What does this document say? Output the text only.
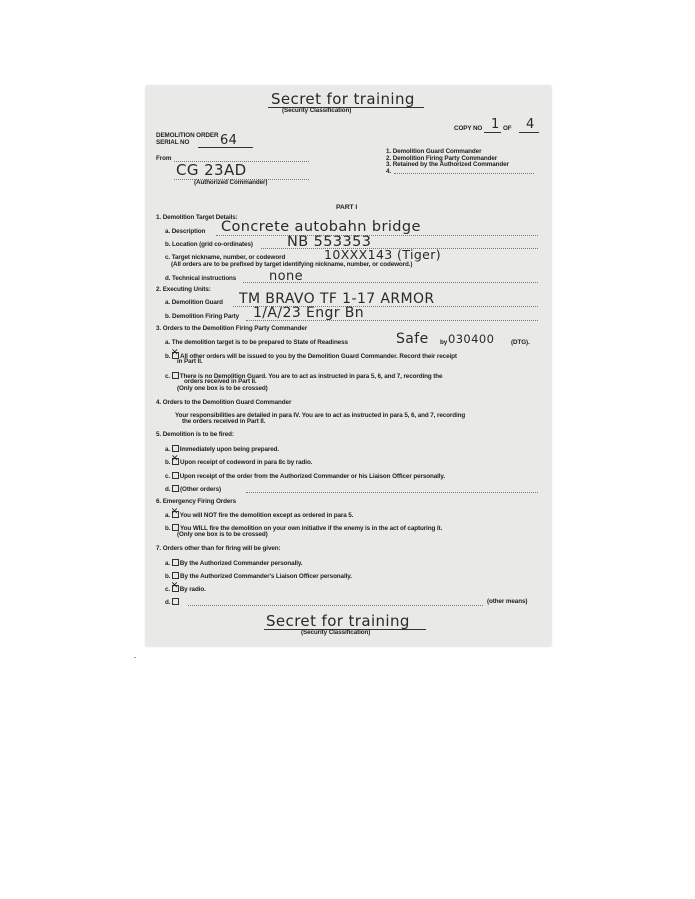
Secret for training
(Security Classification)
COPY NO 1 OF 4
DEMOLITION ORDER
SERIAL NO 64
From
CG 23AD
(Authorized Commander)
1. Demolition Guard Commander
2. Demolition Firing Party Commander
3. Retained by the Authorized Commander
4.
PART I
1. Demolition Target Details:
a. Description Concrete autobahn bridge
b. Location (grid co-ordinates) NB 553353
c. Target nickname, number, or codeword	10XXX143 (Tiger)
(All orders are to be prefixed by target identifying nickname, number, or codeword.)
d. Technical instructions	none
2. Executing Units:
a. Demolition Guard TM BRAVO TF 1-17 ARMOR
b. Demolition Firing Party 1/A/23 Engr Bn
3. Orders to the Demolition Firing Party Commander
a. The demolition target is to be prepared to State of Readiness	Safe by 030400	(DTG).
b. ✕All other orders will be issued to you by the Demolition Guard Commander. Record their receipt
in Part II.
c. There is no Demolition Guard. You are to act as instructed in para 5, 6, and 7, recording the
orders received in Part II.
(Only one box is to be crossed)
4. Orders to the Demolition Guard Commander
Your responsibilities are detailed in para IV. You are to act as instructed in para 5, 6, and 7, recording
the orders received in Part II.
5. Demolition is to be fired:
a. Immediately upon being prepared.
b. ✕Upon receipt of codeword in para 8c by radio.
c. Upon receipt of the order from the Authorized Commander or his Liaison Officer personally.
d. (Other orders)
6. Emergency Firing Orders
a. ✕You will NOT fire the demolition except as ordered in para 5.
b. You WILL fire the demolition on your own initiative if the enemy is in the act of capturing it.
(Only one box is to be crossed)
7. Orders other than for firing will be given:
a. By the Authorized Commander personally.
b. By the Authorized Commander's Liaison Officer personally.
c. ✕By radio.
d.	(other means)
Secret for training
(Security Classification)
